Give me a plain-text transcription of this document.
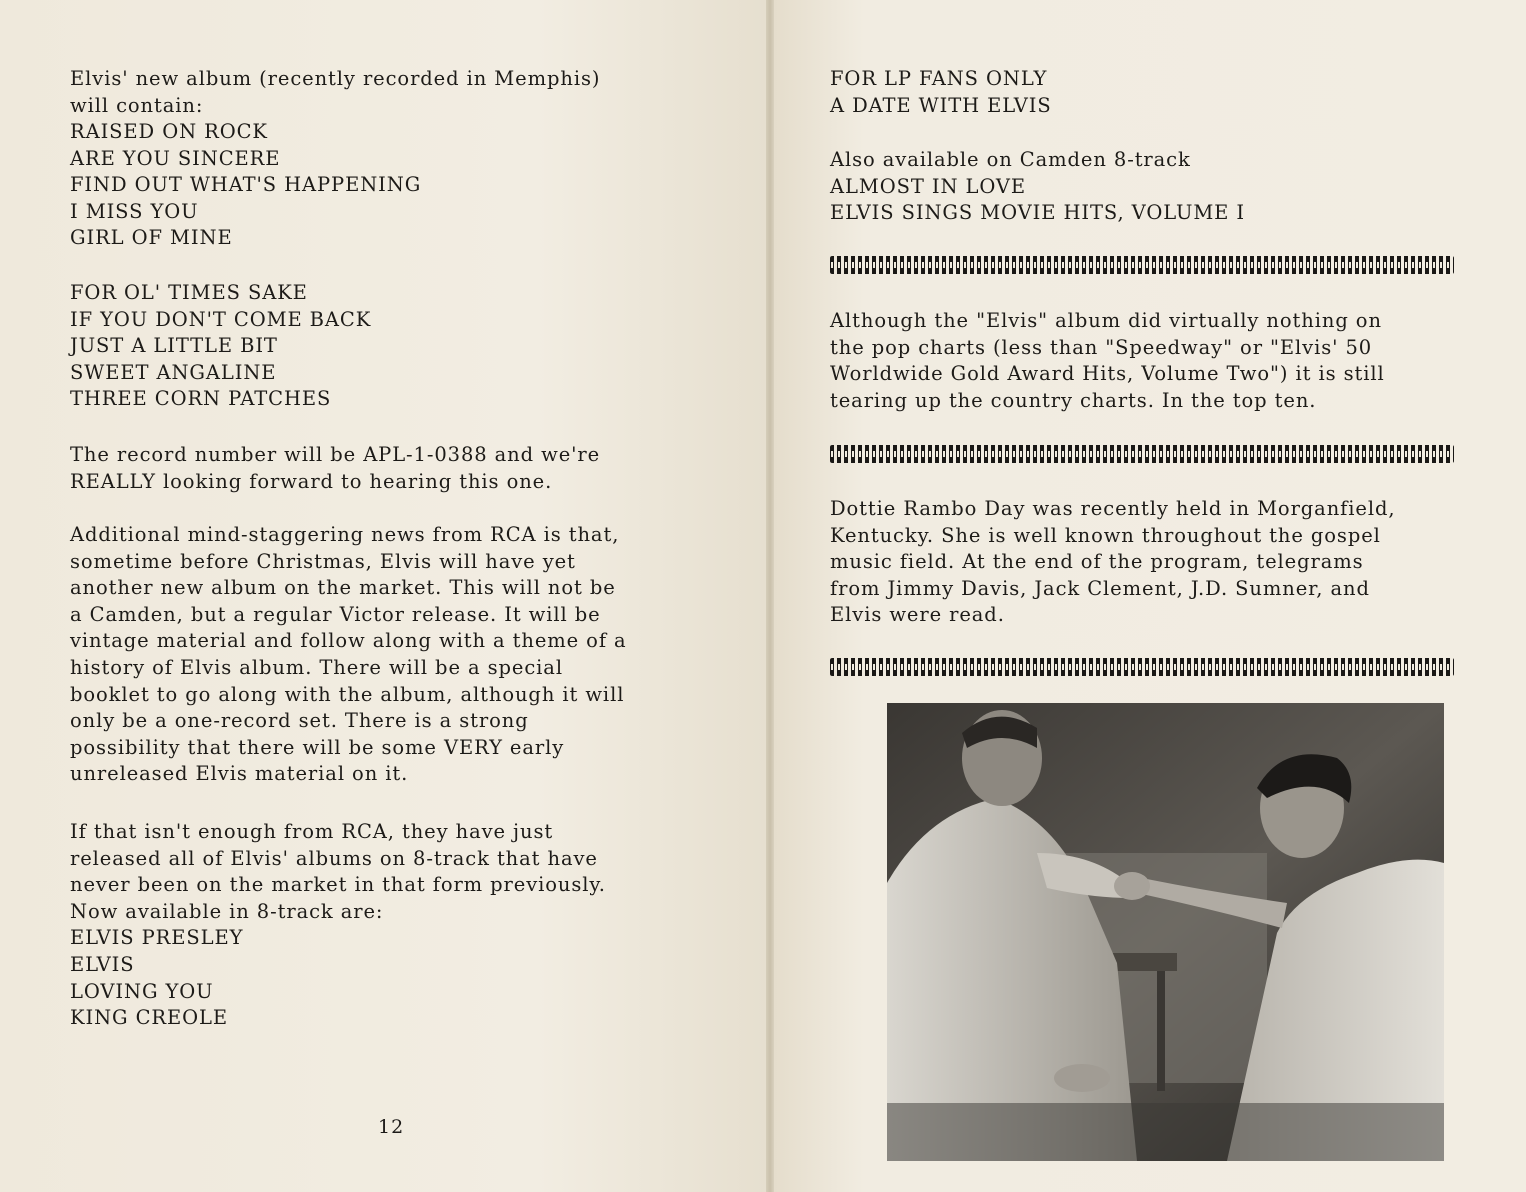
Elvis' new album (recently recorded in Memphis)
will contain:
RAISED ON ROCK
ARE YOU SINCERE
FIND OUT WHAT'S HAPPENING
I MISS YOU
GIRL OF MINE
FOR OL' TIMES SAKE
IF YOU DON'T COME BACK
JUST A LITTLE BIT
SWEET ANGALINE
THREE CORN PATCHES
The record number will be APL-1-0388 and we're
REALLY looking forward to hearing this one.
Additional mind-staggering news from RCA is that,
sometime before Christmas, Elvis will have yet
another new album on the market. This will not be
a Camden, but a regular Victor release. It will be
vintage material and follow along with a theme of a
history of Elvis album. There will be a special
booklet to go along with the album, although it will
only be a one-record set. There is a strong
possibility that there will be some VERY early
unreleased Elvis material on it.
If that isn't enough from RCA, they have just
released all of Elvis' albums on 8-track that have
never been on the market in that form previously.
Now available in 8-track are:
ELVIS PRESLEY
ELVIS
LOVING YOU
KING CREOLE
12
FOR LP FANS ONLY
A DATE WITH ELVIS
Also available on Camden 8-track
ALMOST IN LOVE
ELVIS SINGS MOVIE HITS, VOLUME I
Although the "Elvis" album did virtually nothing on
the pop charts (less than "Speedway" or "Elvis' 50
Worldwide Gold Award Hits, Volume Two") it is still
tearing up the country charts. In the top ten.
Dottie Rambo Day was recently held in Morganfield,
Kentucky. She is well known throughout the gospel
music field. At the end of the program, telegrams
from Jimmy Davis, Jack Clement, J.D. Sumner, and
Elvis were read.
